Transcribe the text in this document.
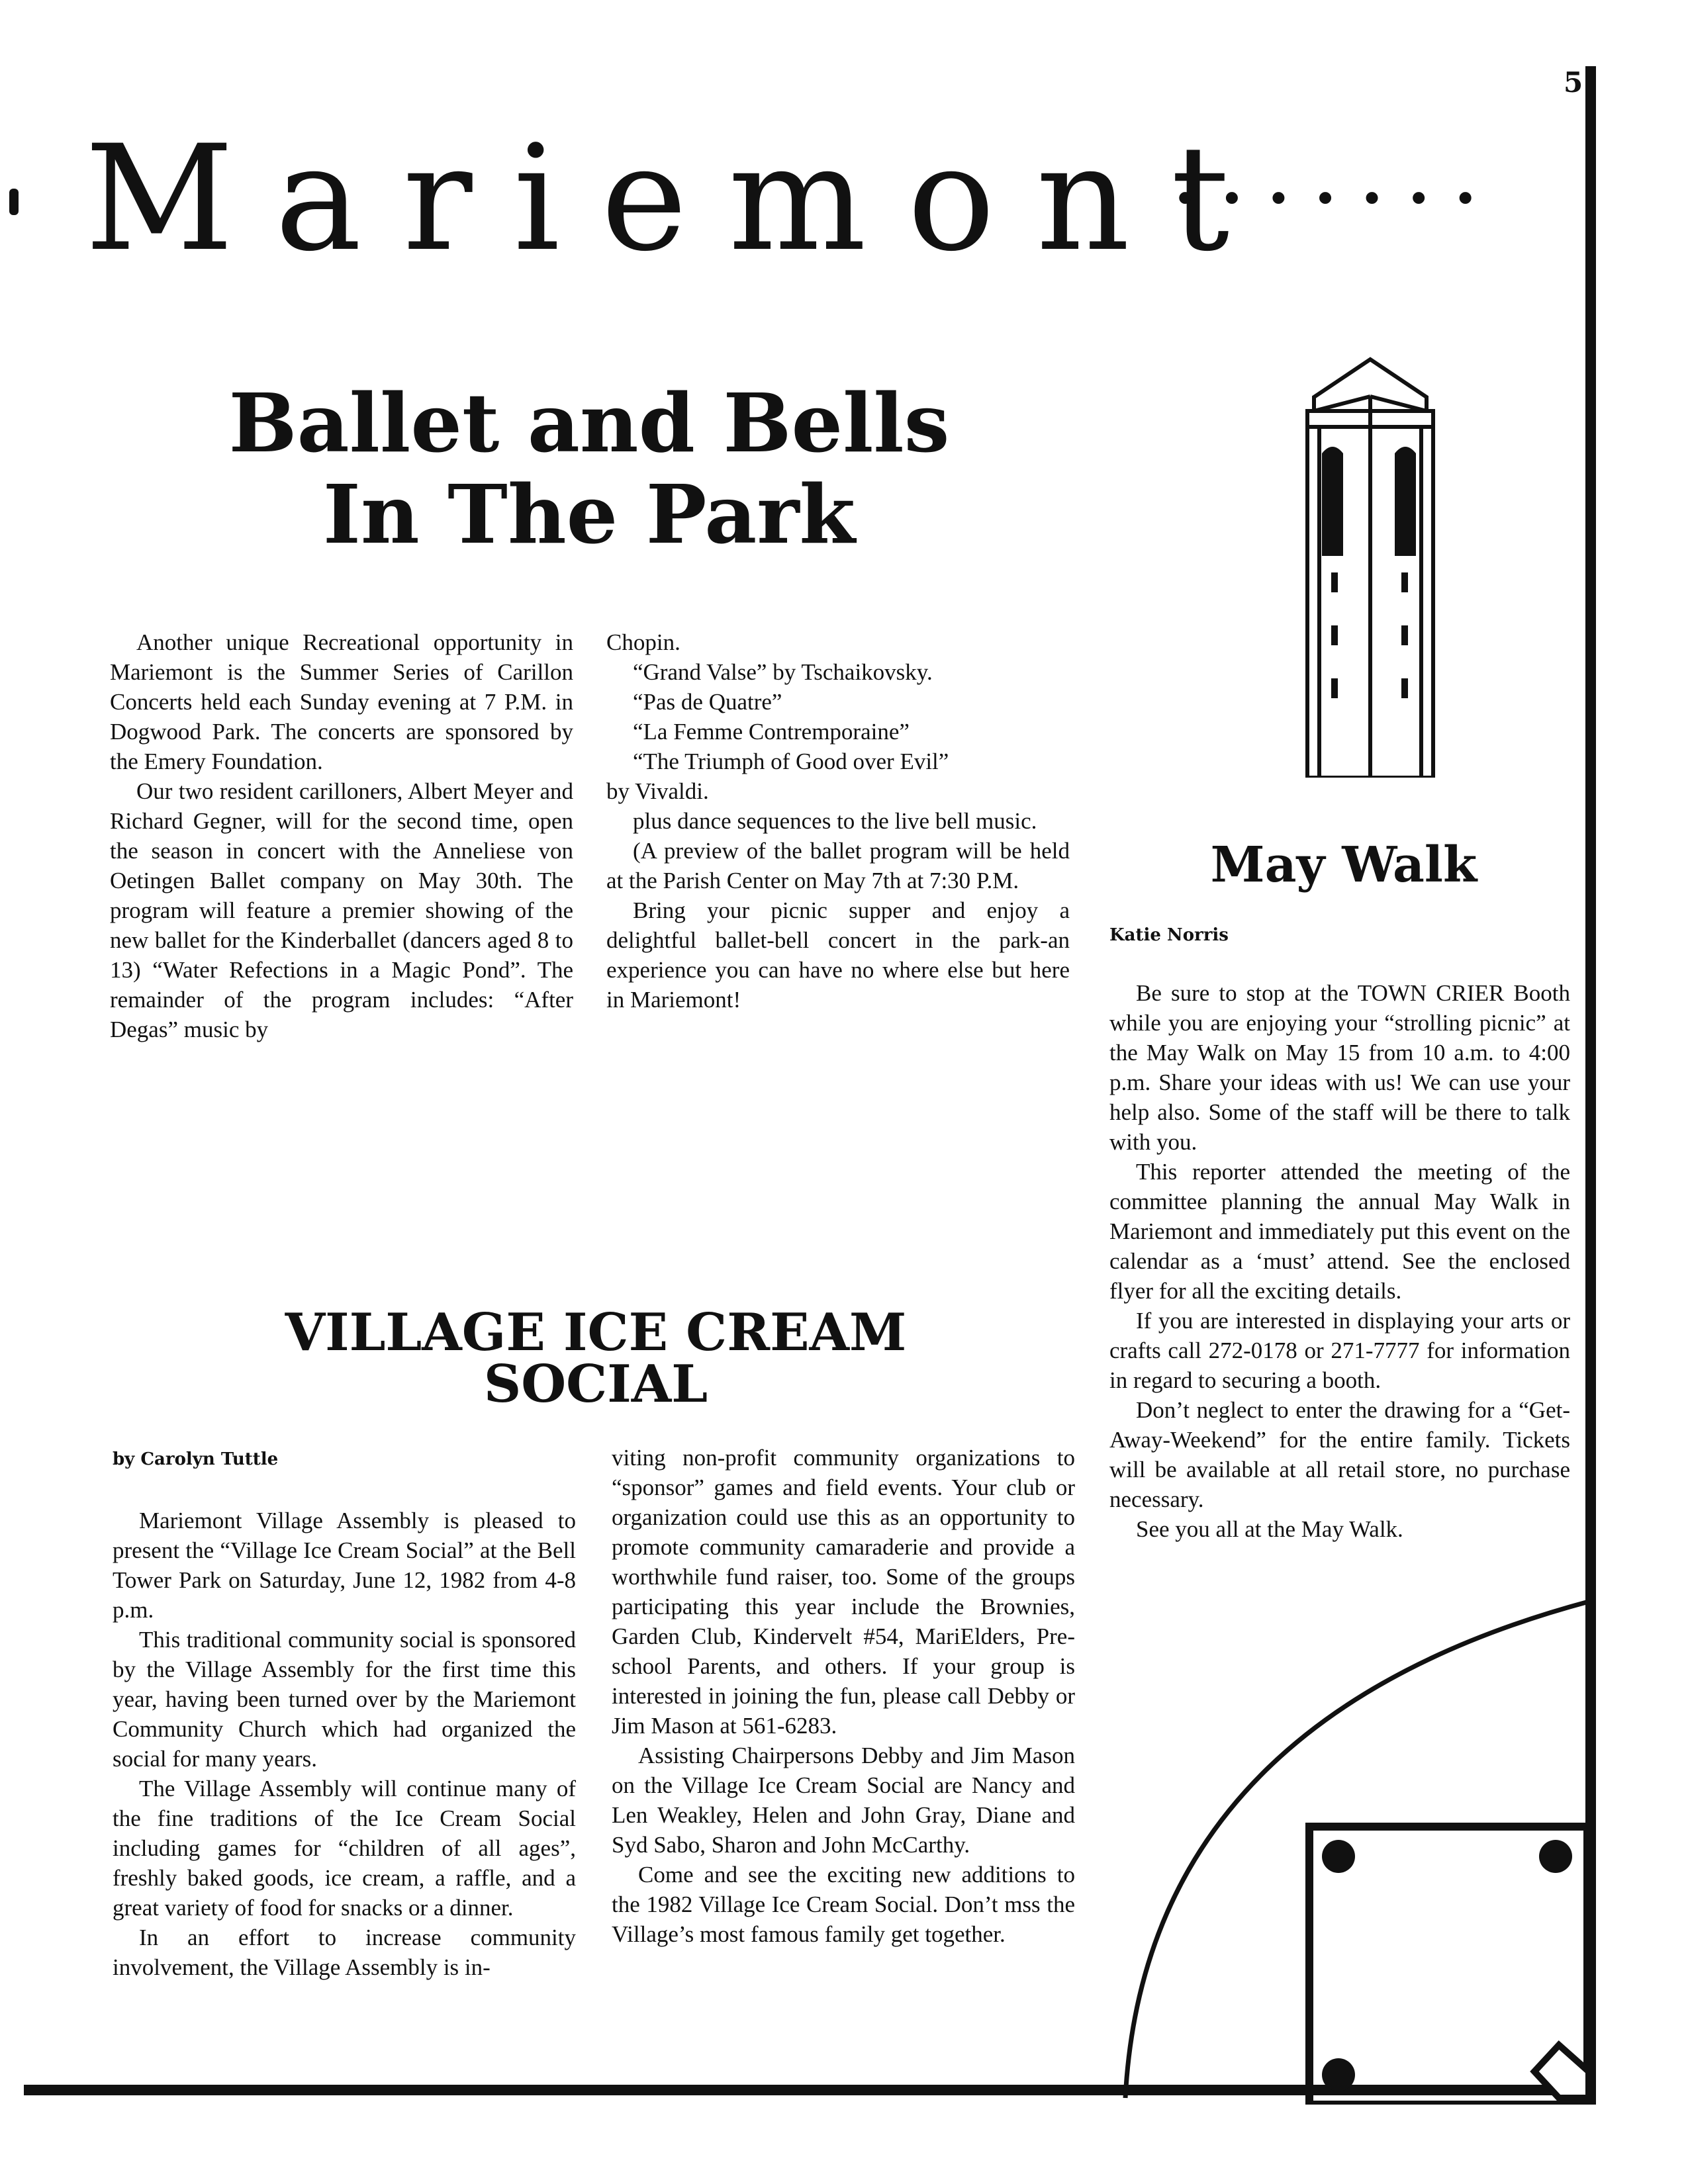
5
Mariemont
•••••••
Ballet and Bells
In The Park

Another unique Recreational opportunity in Mariemont is the Summer Series of Carillon Concerts held each Sunday evening at 7 P.M. in Dogwood Park. The concerts are sponsored by the Emery Foundation.

Our two resident carilloners, Albert Meyer and Richard Gegner, will for the second time, open the season in concert with the Anneliese von Oetingen Ballet company on May 30th. The program will feature a premier showing of the new ballet for the Kinderballet (dancers aged 8 to 13) “Water Refections in a Magic Pond”. The remainder of the program includes: “After Degas” music by

Chopin.

“Grand Valse” by Tschaikovsky.

“Pas de Quatre”

“La Femme Contremporaine”

“The Triumph of Good over Evil”

by Vivaldi.

plus dance sequences to the live bell music.

(A preview of the ballet program will be held at the Parish Center on May 7th at 7:30 P.M.

Bring your picnic supper and enjoy a delightful ballet-bell concert in the park-an experience you can have no where else but here in Mariemont!

May Walk
Katie Norris

Be sure to stop at the TOWN CRIER Booth while you are enjoying your “strolling picnic” at the May Walk on May 15 from 10 a.m. to 4:00 p.m. Share your ideas with us! We can use your help also. Some of the staff will be there to talk with you.

This reporter attended the meeting of the committee planning the annual May Walk in Mariemont and immediately put this event on the calendar as a ‘must’ attend. See the enclosed flyer for all the exciting details.

If you are interested in displaying your arts or crafts call 272-0178 or 271-7777 for information in regard to securing a booth.

Don’t neglect to enter the drawing for a “Get-Away-Weekend” for the entire family. Tickets will be available at all retail store, no purchase necessary.

See you all at the May Walk.

VILLAGE ICE CREAM SOCIAL
by Carolyn Tuttle

Mariemont Village Assembly is pleased to present the “Village Ice Cream Social” at the Bell Tower Park on Saturday, June 12, 1982 from 4-8 p.m.

This traditional community social is sponsored by the Village Assembly for the first time this year, having been turned over by the Mariemont Community Church which had organized the social for many years.

The Village Assembly will continue many of the fine traditions of the Ice Cream Social including games for “children of all ages”, freshly baked goods, ice cream, a raffle, and a great variety of food for snacks or a dinner.

In an effort to increase community involvement, the Village Assembly is in-

viting non-profit community organizations to “sponsor” games and field events. Your club or organization could use this as an opportunity to promote community camaraderie and provide a worthwhile fund raiser, too. Some of the groups participating this year include the Brownies, Garden Club, Kindervelt #54, MariElders, Pre-school Parents, and others. If your group is interested in joining the fun, please call Debby or Jim Mason at 561-6283.

Assisting Chairpersons Debby and Jim Mason on the Village Ice Cream Social are Nancy and Len Weakley, Helen and John Gray, Diane and Syd Sabo, Sharon and John McCarthy.

Come and see the exciting new additions to the 1982 Village Ice Cream Social. Don’t mss the Village’s most famous family get together.
